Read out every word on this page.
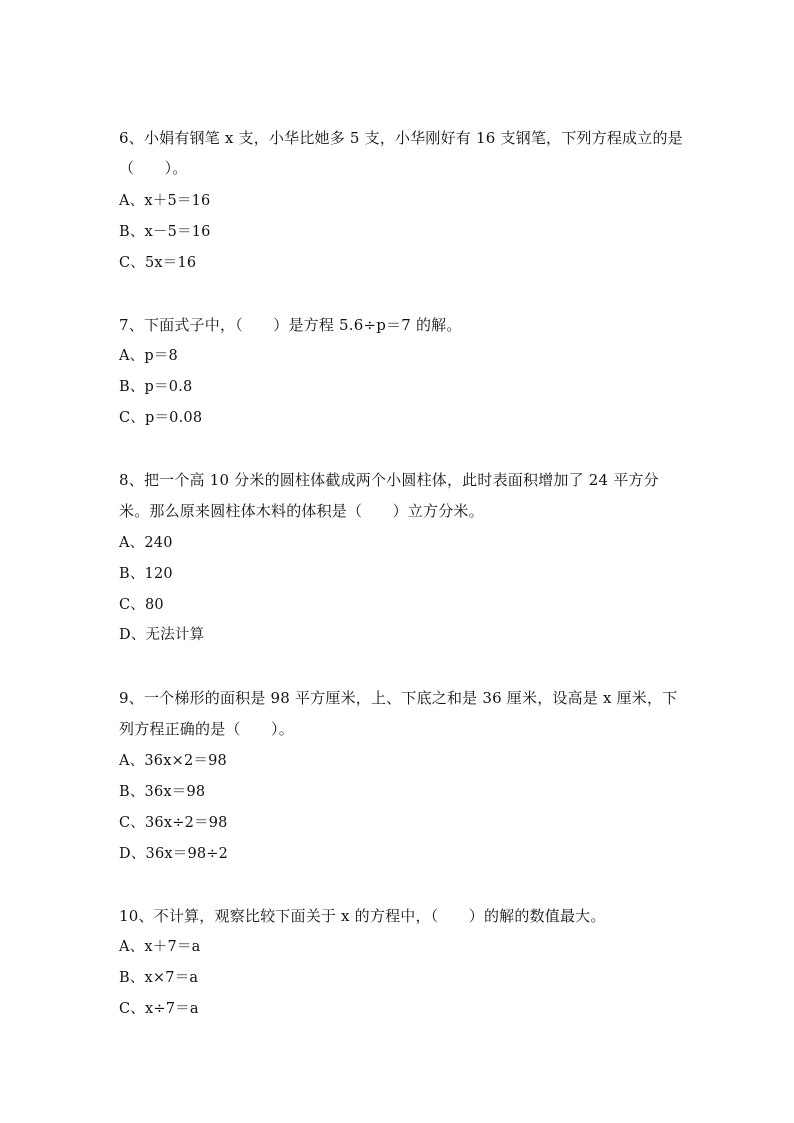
6、小娟有钢笔 x 支，小华比她多 5 支，小华刚好有 16 支钢笔，下列方程成立的是
（　　）。
A、x＋5＝16
B、x－5＝16
C、5x＝16
7、下面式子中，（　　）是方程 5.6÷p＝7 的解。
A、p＝8
B、p＝0.8
C、p＝0.08
8、把一个高 10 分米的圆柱体截成两个小圆柱体，此时表面积增加了 24 平方分
米。那么原来圆柱体木料的体积是（　　）立方分米。
A、240
B、120
C、80
D、无法计算
9、一个梯形的面积是 98 平方厘米，上、下底之和是 36 厘米，设高是 x 厘米，下
列方程正确的是（　　）。
A、36x×2＝98
B、36x＝98
C、36x÷2＝98
D、36x＝98÷2
10、不计算，观察比较下面关于 x 的方程中，（　　）的解的数值最大。
A、x＋7＝a
B、x×7＝a
C、x÷7＝a
